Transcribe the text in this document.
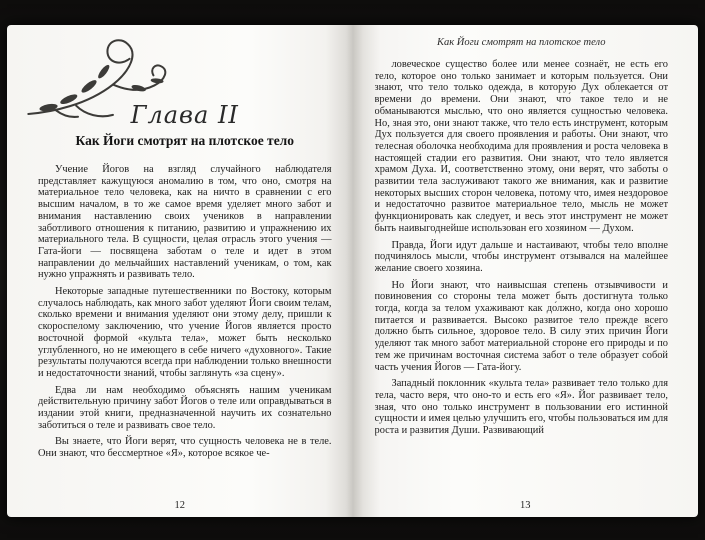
Глава II
Как Йоги смотрят на плотское тело

Учение Йогов на взгляд случайного наблюдателя представляет кажущуюся аномалию в том, что оно, смотря на материальное тело человека, как на ничто в сравнении с его высшим началом, в то же самое время уделяет много забот и внимания наставлению своих учеников в направлении заботливого отношения к питанию, развитию и упражнению их материального тела. В сущности, целая отрасль этого учения — Гата-йоги — посвящена заботам о теле и идет в этом направлении до мельчайших наставлений ученикам, о том, как нужно упражнять и развивать тело.

Некоторые западные путешественники по Востоку, которым случалось наблюдать, как много забот уделяют Йоги своим телам, сколько времени и внимания уделяют они этому делу, пришли к скороспелому заключению, что учение Йогов является просто восточной формой «культа тела», может быть несколько углубленного, но не имеющего в себе ничего «духовного». Такие результаты получаются всегда при наблюдении только внешности и недостаточности знаний, чтобы заглянуть «за сцену».

Едва ли нам необходимо объяснять нашим ученикам действительную причину забот Йогов о теле или оправдываться в издании этой книги, предназначенной научить их сознательно заботиться о теле и развивать свое тело.

Вы знаете, что Йоги верят, что сущность человека не в теле. Они знают, что бессмертное «Я», которое всякое че-

12
Как Йоги смотрят на плотское тело

ловеческое существо более или менее сознаёт, не есть его тело, которое оно только занимает и которым пользуется. Они знают, что тело только одежда, в которую Дух облекается от времени до времени. Они знают, что́ такое тело и не обманываются мыслью, что оно является сущностью человека. Но, зная это, они знают также, что тело есть инструмент, которым Дух пользуется для своего проявления и работы. Они знают, что телесная оболочка необходима для проявления и роста человека в настоящей стадии его развития. Они знают, что тело является храмом Духа. И, соответственно этому, они верят, что заботы о развитии тела заслуживают такого же внимания, как и развитие некоторых высших сторон человека, потому что, имея нездоровое и недостаточно развитое материальное тело, мысль не может функционировать как следует, и весь этот инструмент не может быть наивыгоднейше использован его хозяином — Духом.

Правда, Йоги идут дальше и настаивают, чтобы тело вполне подчинялось мысли, чтобы инструмент отзывался на малейшее желание своего хозяина.

Но Йоги знают, что наивысшая степень отзывчивости и повиновения со стороны тела может быть достигнута только тогда, когда за телом ухаживают как до́лжно, когда оно хорошо питается и развивается. Высоко развитое тело прежде всего должно быть сильное, здоровое тело. В силу этих причин Йоги уделяют так много забот материальной стороне его природы и по тем же причинам восточная система забот о теле образует собой часть учения Йогов — Гата-йогу.

Западный поклонник «культа тела» развивает тело только для тела, часто веря, что оно-то и есть его «Я». Йог развивает тело, зная, что оно только инструмент в пользовании его истинной сущности и имея целью улучшить его, чтобы пользоваться им для роста и развития Души. Развивающий

13
